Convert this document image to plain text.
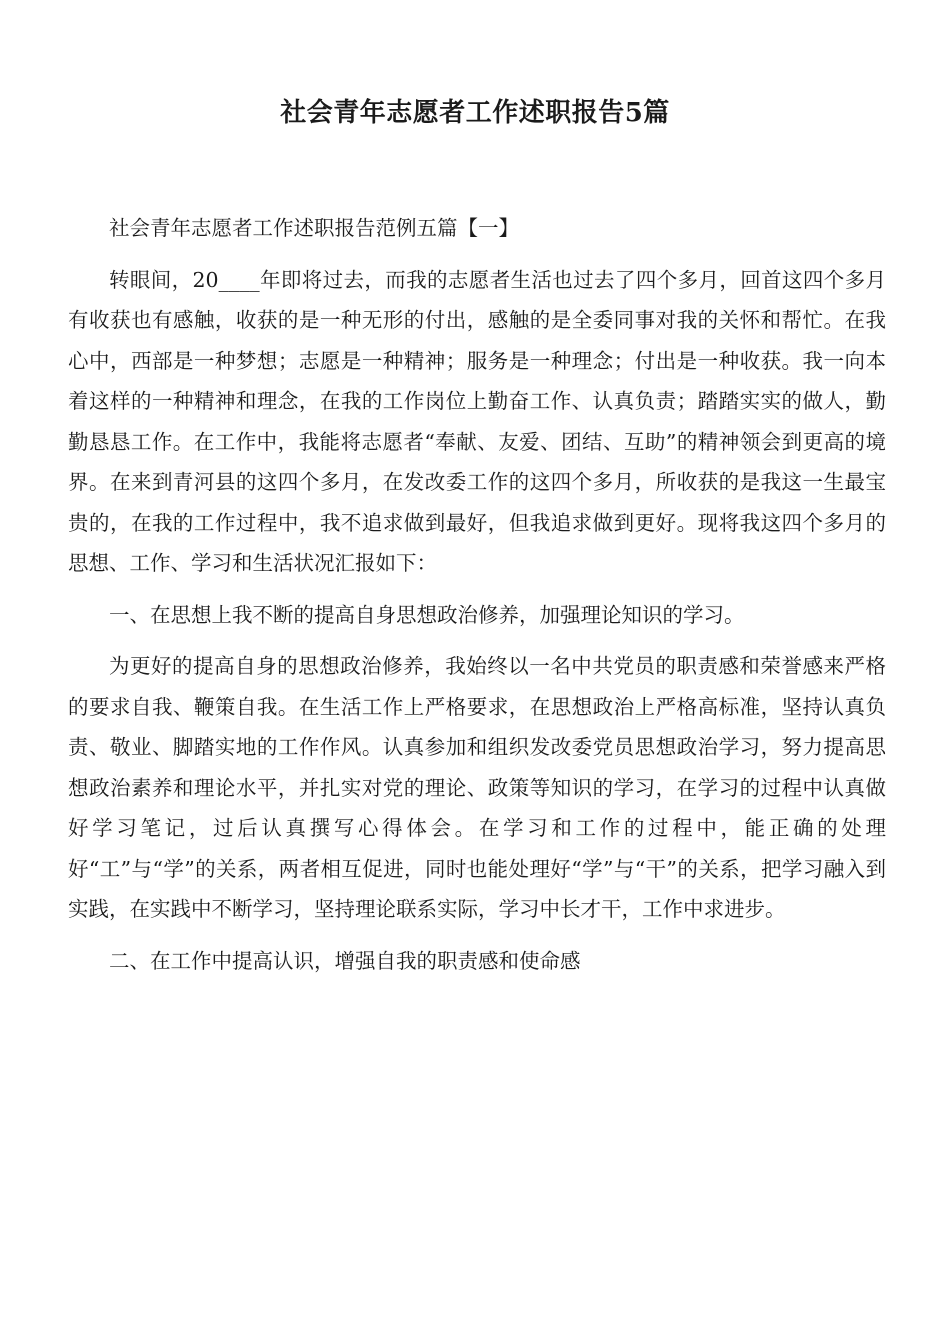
社会青年志愿者工作述职报告5篇

社会青年志愿者工作述职报告范例五篇【一】

转眼间，20____年即将过去，而我的志愿者生活也过去了四个多月，回首这四个多月有收获也有感触，收获的是一种无形的付出，感触的是全委同事对我的关怀和帮忙。在我心中，西部是一种梦想；志愿是一种精神；服务是一种理念；付出是一种收获。我一向本着这样的一种精神和理念，在我的工作岗位上勤奋工作、认真负责；踏踏实实的做人，勤勤恳恳工作。在工作中，我能将志愿者“奉献、友爱、团结、互助”的精神领会到更高的境界。在来到青河县的这四个多月，在发改委工作的这四个多月，所收获的是我这一生最宝贵的，在我的工作过程中，我不追求做到最好，但我追求做到更好。现将我这四个多月的思想、工作、学习和生活状况汇报如下：

一、在思想上我不断的提高自身思想政治修养，加强理论知识的学习。

为更好的提高自身的思想政治修养，我始终以一名中共党员的职责感和荣誉感来严格的要求自我、鞭策自我。在生活工作上严格要求，在思想政治上严格高标准，坚持认真负责、敬业、脚踏实地的工作作风。认真参加和组织发改委党员思想政治学习，努力提高思想政治素养和理论水平，并扎实对党的理论、政策等知识的学习，在学习的过程中认真做好学习笔记，过后认真撰写心得体会。在学习和工作的过程中，能正确的处理好“工”与“学”的关系，两者相互促进，同时也能处理好“学”与“干”的关系，把学习融入到实践，在实践中不断学习，坚持理论联系实际，学习中长才干，工作中求进步。

二、在工作中提高认识，增强自我的职责感和使命感
